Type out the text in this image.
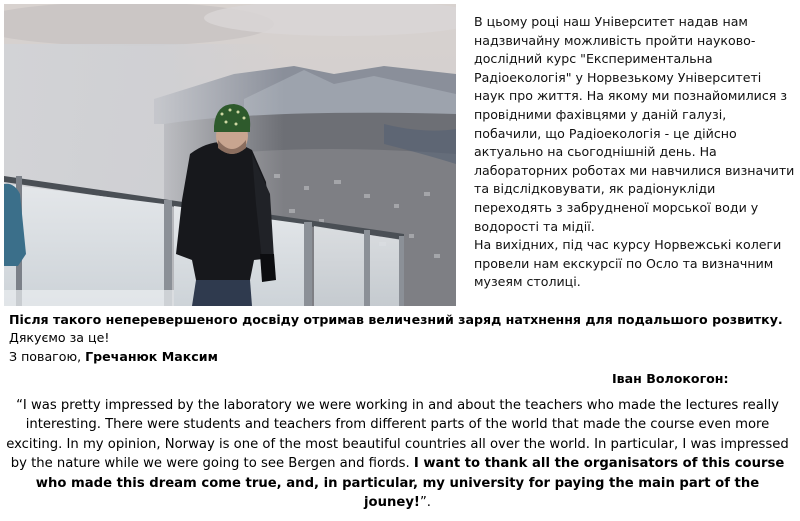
В цьому році наш Університет надав нам надзвичайну можливість пройти науково-дослідний курс "Експериментальна Радіоекологія" у Норвезькому Університеті наук про життя. На якому ми познайомилися з провідними фахівцями у даній галузі, побачили, що Радіоекологія - це дійсно актуально на сьогоднішній день. На лабораторних роботах ми навчилися визначити та відслідковувати, як радіонукліди переходять з забрудненої морської води у водорості та мідії.

На вихідних, під час курсу Норвежські колеги провели нам екскурсії по Осло та визначним музеям столиці.

Після такого неперевершеного досвіду отримав величезний заряд натхнення для подальшого розвитку. Дякуємо за це!
З повагою, Гречанюк Максим
Іван Волокогон:
“I was pretty impressed by the laboratory we were working in and about the teachers who made the lectures really interesting. There were students and teachers from different parts of the world that made the course even more exciting. In my opinion, Norway is one of the most beautiful countries all over the world. In particular, I was impressed by the nature while we were going to see Bergen and fiords. I want to thank all the organisators of this course who made this dream come true, and, in particular, my university for paying the main part of the jouney!”.
